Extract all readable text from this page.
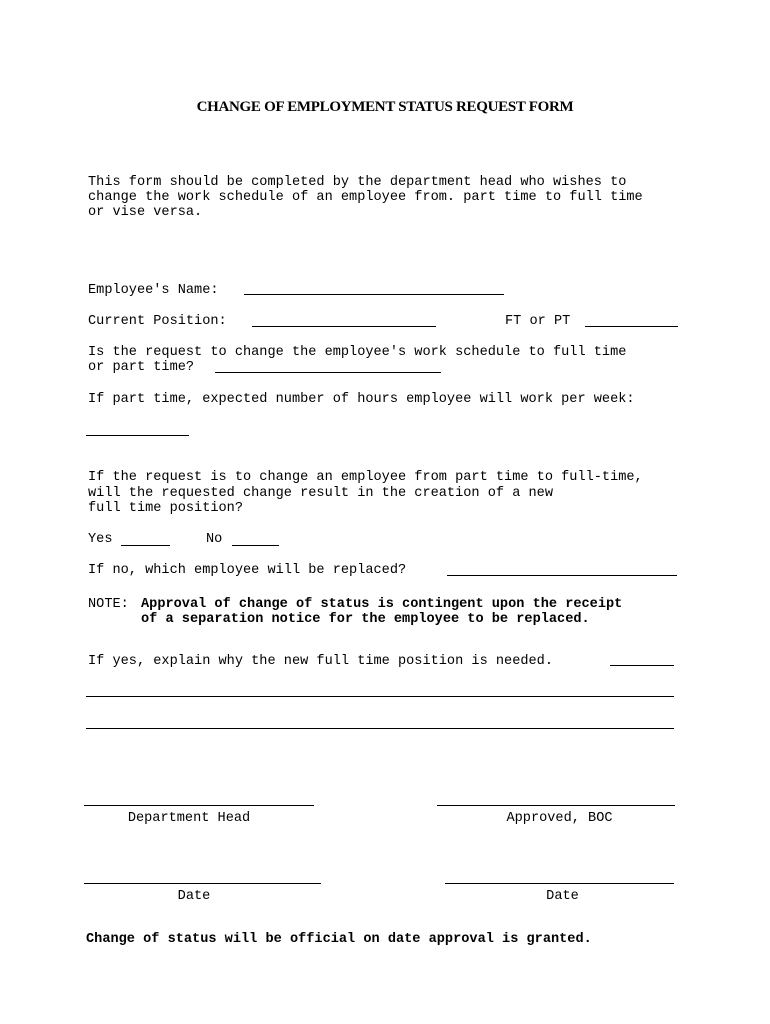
CHANGE OF EMPLOYMENT STATUS REQUEST FORM
This form should be completed by the department head who wishes to
change the work schedule of an employee from. part time to full time
or vise versa.
Employee's Name:
Current Position:	FT or PT
Is the request to change the employee's work schedule to full time
or part time?
If part time, expected number of hours employee will work per week:
If the request is to change an employee from part time to full-time,
will the requested change result in the creation of a new
full time position?
Yes	No
If no, which employee will be replaced?
NOTE: Approval of change of status is contingent upon the receipt
of a separation notice for the employee to be replaced.
If yes, explain why the new full time position is needed.
Department Head	Approved, BOC
Date	Date
Change of status will be official on date approval is granted.
